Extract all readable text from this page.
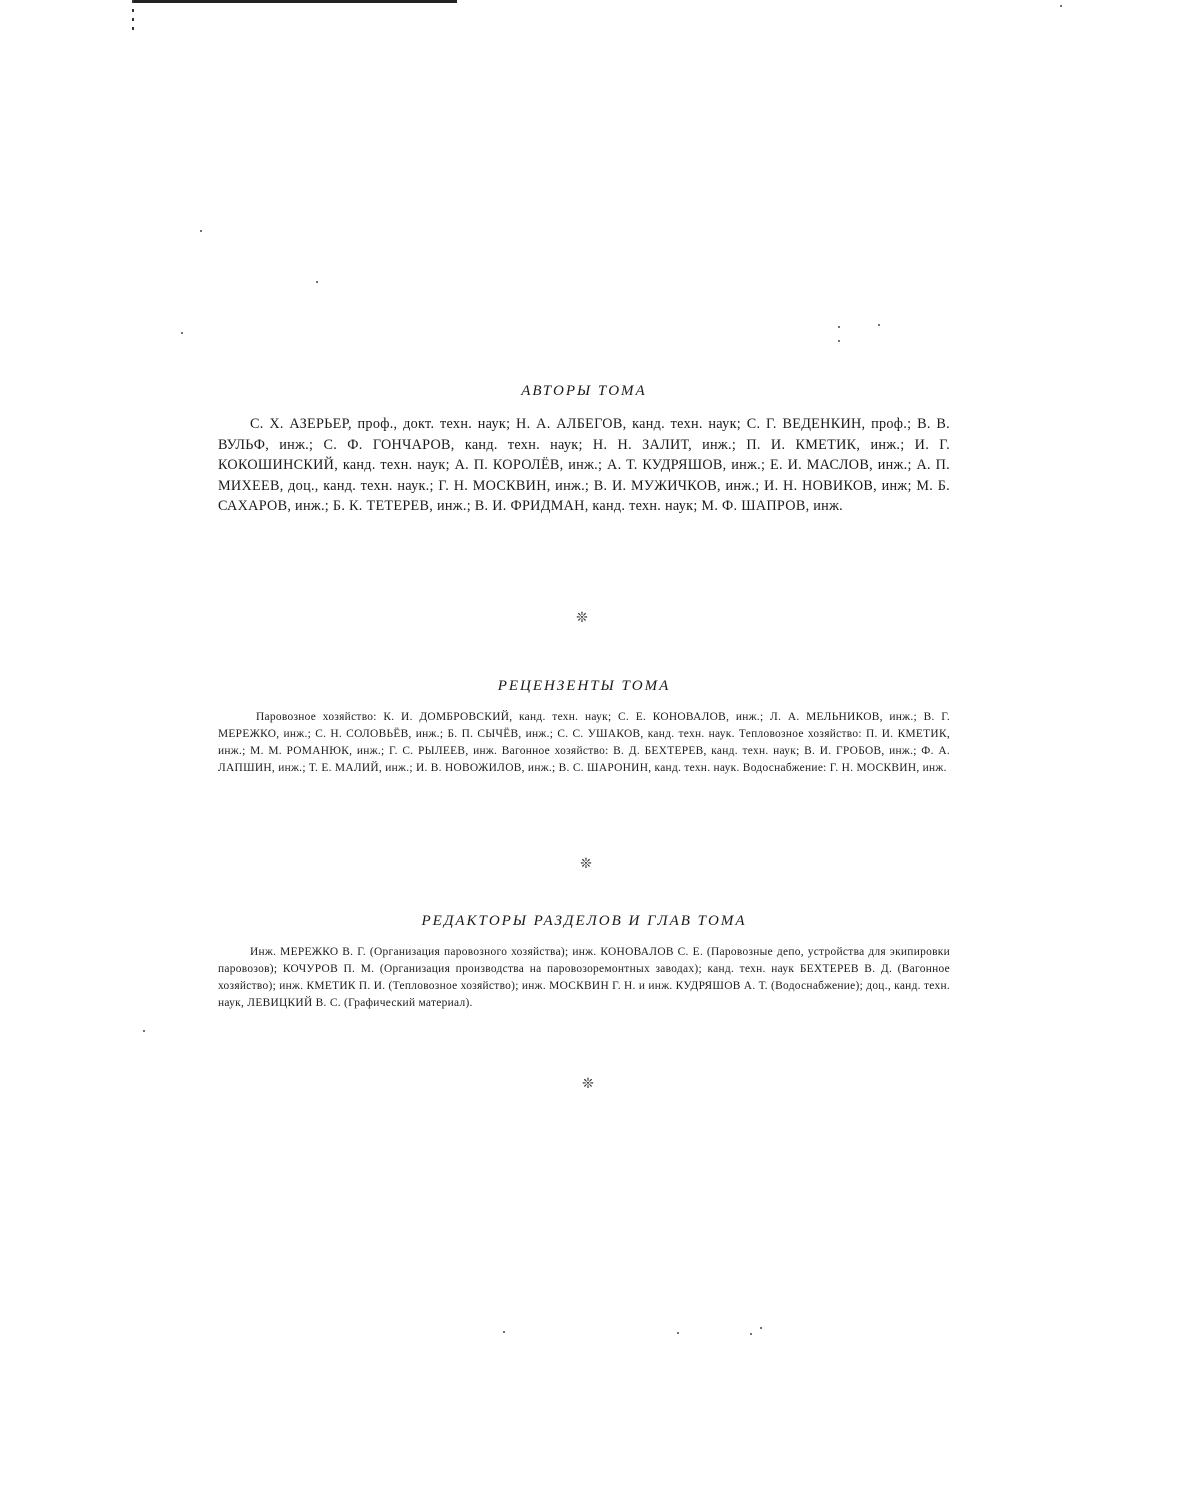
АВТОРЫ ТОМА

С. Х. АЗЕРЬЕР, проф., докт. техн. наук; Н. А. АЛБЕГОВ, канд. техн. наук; С. Г. ВЕДЕНКИН, проф.; В. В. ВУЛЬФ, инж.; С. Ф. ГОНЧАРОВ, канд. техн. наук; Н. Н. ЗАЛИТ, инж.; П. И. КМЕТИК, инж.; И. Г. КОКОШИНСКИЙ, канд. техн. наук; А. П. КОРОЛЁВ, инж.; А. Т. КУДРЯШОВ, инж.; Е. И. МАСЛОВ, инж.; А. П. МИХЕЕВ, доц., канд. техн. наук.; Г. Н. МОСКВИН, инж.; В. И. МУЖИЧКОВ, инж.; И. Н. НОВИКОВ, инж; М. Б. САХАРОВ, инж.; Б. К. ТЕТЕРЕВ, инж.; В. И. ФРИДМАН, канд. техн. наук; М. Ф. ШАПРОВ, инж.

❊
РЕЦЕНЗЕНТЫ ТОМА

Паровозное хозяйство: К. И. ДОМБРОВСКИЙ, канд. техн. наук; С. Е. КОНОВАЛОВ, инж.; Л. А. МЕЛЬНИКОВ, инж.; В. Г. МЕРЕЖКО, инж.; С. Н. СОЛОВЬЁВ, инж.; Б. П. СЫЧЁВ, инж.; С. С. УШАКОВ, канд. техн. наук. Тепловозное хозяйство: П. И. КМЕТИК, инж.; М. М. РОМАНЮК, инж.; Г. С. РЫЛЕЕВ, инж. Вагонное хозяйство: В. Д. БЕХТЕРЕВ, канд. техн. наук; В. И. ГРОБОВ, инж.; Ф. А. ЛАПШИН, инж.; Т. Е. МАЛИЙ, инж.; И. В. НОВОЖИЛОВ, инж.; В. С. ШАРОНИН, канд. техн. наук. Водоснабжение: Г. Н. МОСКВИН, инж.

❊
РЕДАКТОРЫ РАЗДЕЛОВ И ГЛАВ ТОМА

Инж. МЕРЕЖКО В. Г. (Организация паровозного хозяйства); инж. КОНОВАЛОВ С. Е. (Паровозные депо, устройства для экипировки паровозов); КОЧУРОВ П. М. (Организация производства на паровозоремонтных заводах); канд. техн. наук БЕХТЕРЕВ В. Д. (Вагонное хозяйство); инж. КМЕТИК П. И. (Тепловозное хозяйство); инж. МОСКВИН Г. Н. и инж. КУДРЯШОВ А. Т. (Водоснабжение); доц., канд. техн. наук, ЛЕВИЦКИЙ В. С. (Графический материал).

❊
